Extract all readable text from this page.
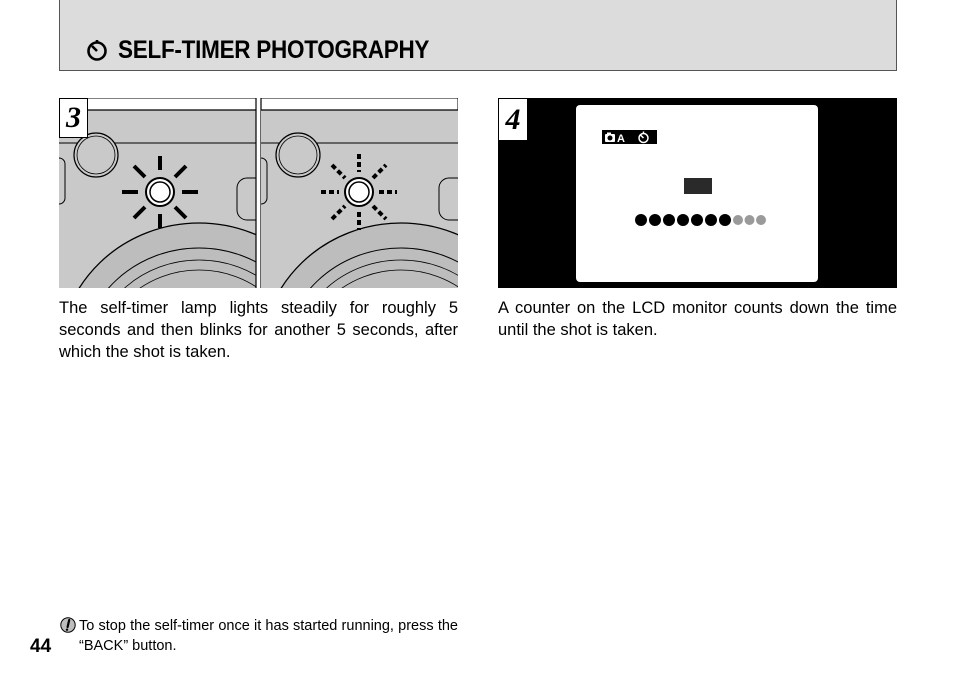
SELF-TIMER PHOTOGRAPHY
3
A
4
The self-timer lamp lights steadily for roughly 5 seconds and then blinks for another 5 seconds, after which the shot is taken.
A counter on the LCD monitor counts down the time until the shot is taken.
To stop the self-timer once it has started running, press the “BACK” button.
44
